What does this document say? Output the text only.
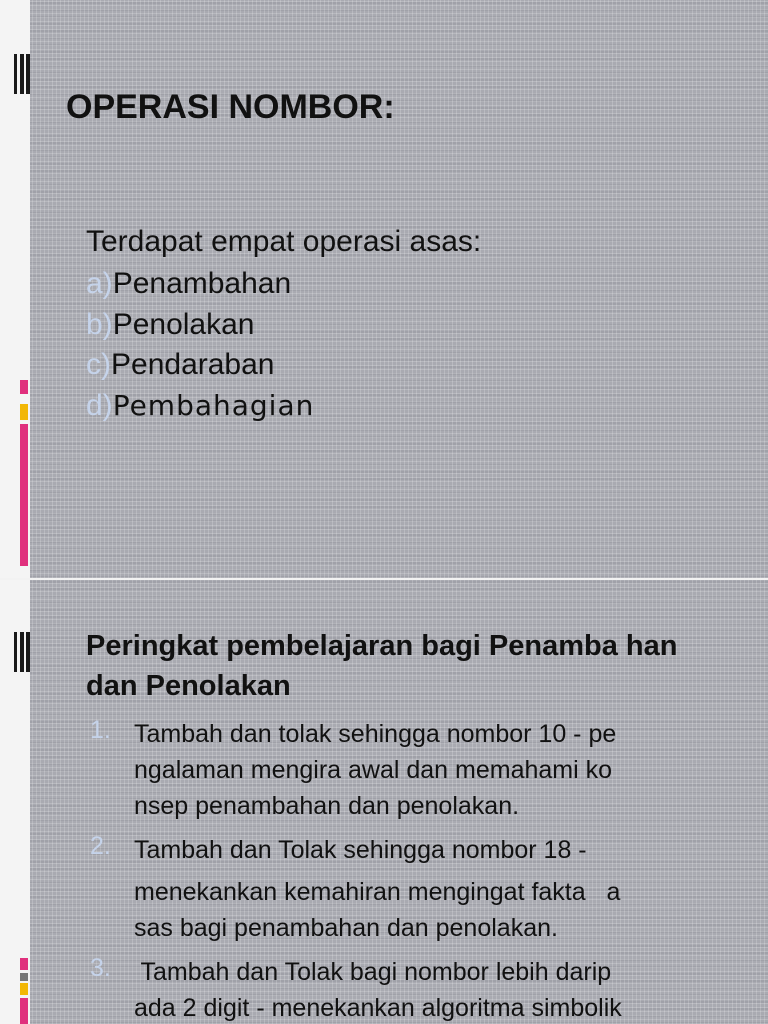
OPERASI NOMBOR:
Terdapat empat operasi asas:
a)Penambahan
b)Penolakan
c)Pendaraban
d)Pembahagian
Peringkat pembelajaran bagi Penamba han dan Penolakan
1. Tambah dan tolak sehingga nombor 10 - pe
ngalaman mengira awal dan memahami ko
nsep penambahan dan penolakan.
2. Tambah dan Tolak sehingga nombor 18 -
menekankan kemahiran mengingat fakta   a
sas bagi penambahan dan penolakan.
3. Tambah dan Tolak bagi nombor lebih darip
ada 2 digit - menekankan algoritma simbolik
